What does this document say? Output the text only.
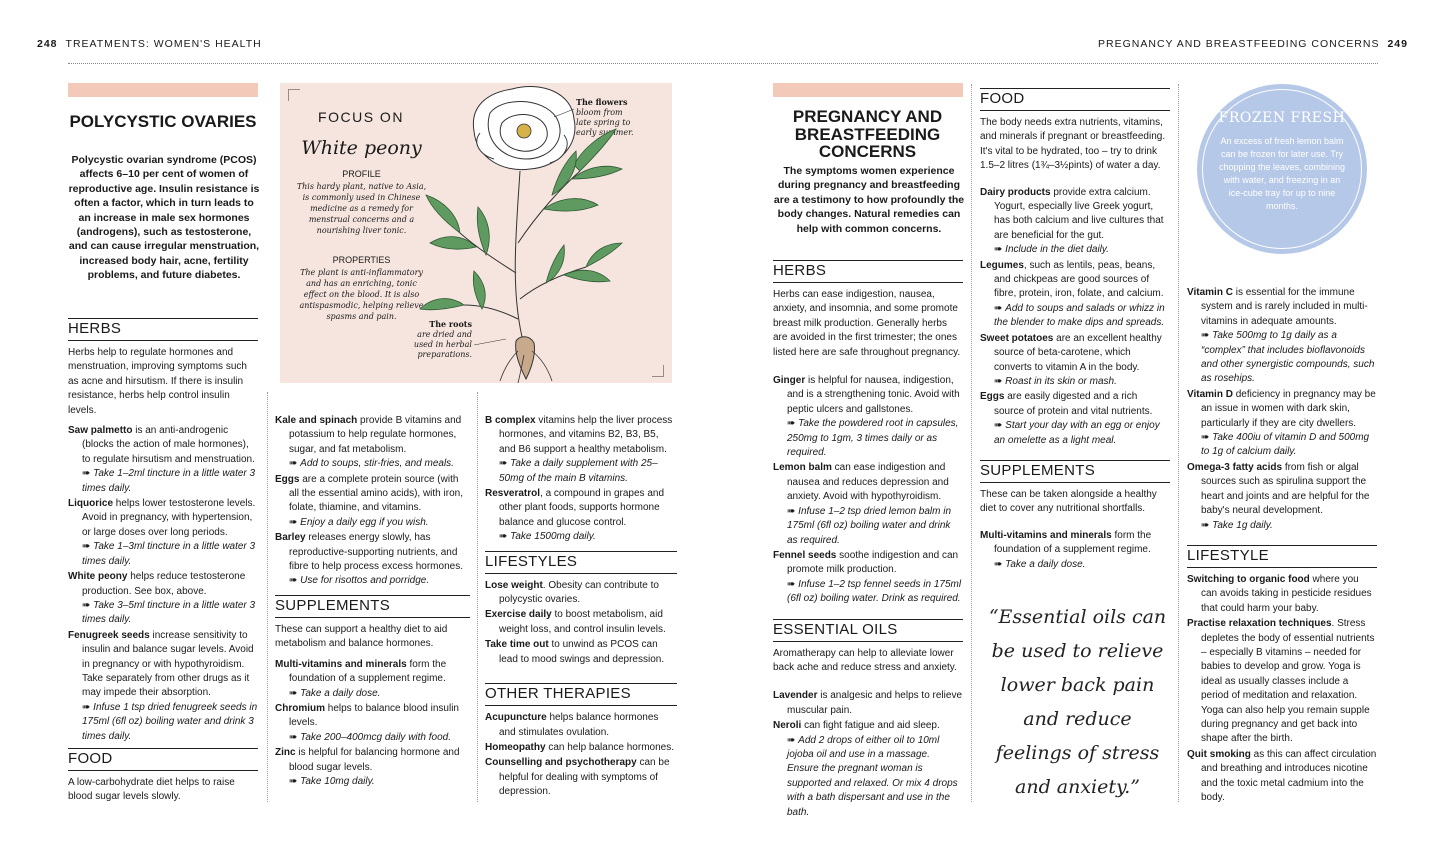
248 TREATMENTS: WOMEN'S HEALTH	PREGNANCY AND BREASTFEEDING CONCERNS 249
POLYCYSTIC OVARIES
Polycystic ovarian syndrome (PCOS) affects 6–10 per cent of women of reproductive age. Insulin resistance is often a factor, which in turn leads to an increase in male sex hormones (androgens), such as testosterone, and can cause irregular menstruation, increased body hair, acne, fertility problems, and future diabetes.
HERBS
Herbs help to regulate hormones and menstruation, improving symptoms such as acne and hirsutism. If there is insulin resistance, herbs help control insulin levels.
Saw palmetto is an anti-androgenic (blocks the action of male hormones), to regulate hirsutism and menstruation.
➠ Take 1–2ml tincture in a little water 3 times daily.
Liquorice helps lower testosterone levels. Avoid in pregnancy, with hypertension, or large doses over long periods.
➠ Take 1–3ml tincture in a little water 3 times daily.
White peony helps reduce testosterone production. See box, above.
➠ Take 3–5ml tincture in a little water 3 times daily.
Fenugreek seeds increase sensitivity to insulin and balance sugar levels. Avoid in pregnancy or with hypothyroidism. Take separately from other drugs as it may impede their absorption.
➠ Infuse 1 tsp dried fenugreek seeds in 175ml (6fl oz) boiling water and drink 3 times daily.
FOOD
A low-carbohydrate diet helps to raise blood sugar levels slowly.
FOCUS ON
White peony
PROFILE
This hardy plant, native to Asia, is commonly used in Chinese medicine as a remedy for menstrual concerns and a nourishing liver tonic.
PROPERTIES
The plant is anti-inflammatory and has an enriching, tonic effect on the blood. It is also antispasmodic, helping relieve spasms and pain.
The flowers
bloom from late spring to early summer.
The roots
are dried and used in herbal preparations.
Kale and spinach provide B vitamins and potassium to help regulate hormones, sugar, and fat metabolism.
➠ Add to soups, stir-fries, and meals.
Eggs are a complete protein source (with all the essential amino acids), with iron, folate, thiamine, and vitamins.
➠ Enjoy a daily egg if you wish.
Barley releases energy slowly, has reproductive-supporting nutrients, and fibre to help process excess hormones.
➠ Use for risottos and porridge.
SUPPLEMENTS
These can support a healthy diet to aid metabolism and balance hormones.
Multi-vitamins and minerals form the foundation of a supplement regime.
➠ Take a daily dose.
Chromium helps to balance blood insulin levels.
➠ Take 200–400mcg daily with food.
Zinc is helpful for balancing hormone and blood sugar levels.
➠ Take 10mg daily.
B complex vitamins help the liver process hormones, and vitamins B2, B3, B5, and B6 support a healthy metabolism.
➠ Take a daily supplement with 25–50mg of the main B vitamins.
Resveratrol, a compound in grapes and other plant foods, supports hormone balance and glucose control.
➠ Take 1500mg daily.
LIFESTYLES
Lose weight. Obesity can contribute to polycystic ovaries.
Exercise daily to boost metabolism, aid weight loss, and control insulin levels.
Take time out to unwind as PCOS can lead to mood swings and depression.
OTHER THERAPIES
Acupuncture helps balance hormones and stimulates ovulation.
Homeopathy can help balance hormones.
Counselling and psychotherapy can be helpful for dealing with symptoms of depression.
PREGNANCY AND BREASTFEEDING CONCERNS
The symptoms women experience during pregnancy and breastfeeding are a testimony to how profoundly the body changes. Natural remedies can help with common concerns.
HERBS
Herbs can ease indigestion, nausea, anxiety, and insomnia, and some promote breast milk production. Generally herbs are avoided in the first trimester; the ones listed here are safe throughout pregnancy.
Ginger is helpful for nausea, indigestion, and is a strengthening tonic. Avoid with peptic ulcers and gallstones.
➠ Take the powdered root in capsules, 250mg to 1gm, 3 times daily or as required.
Lemon balm can ease indigestion and nausea and reduces depression and anxiety. Avoid with hypothyroidism.
➠ Infuse 1–2 tsp dried lemon balm in 175ml (6fl oz) boiling water and drink as required.
Fennel seeds soothe indigestion and can promote milk production.
➠ Infuse 1–2 tsp fennel seeds in 175ml (6fl oz) boiling water. Drink as required.
ESSENTIAL OILS
Aromatherapy can help to alleviate lower back ache and reduce stress and anxiety.
Lavender is analgesic and helps to relieve muscular pain.
Neroli can fight fatigue and aid sleep.
➠ Add 2 drops of either oil to 10ml jojoba oil and use in a massage. Ensure the pregnant woman is supported and relaxed. Or mix 4 drops with a bath dispersant and use in the bath.
FOOD
The body needs extra nutrients, vitamins, and minerals if pregnant or breastfeeding. It's vital to be hydrated, too – try to drink 1.5–2 litres (1¾–3½pints) of water a day.
Dairy products provide extra calcium. Yogurt, especially live Greek yogurt, has both calcium and live cultures that are beneficial for the gut.
➠ Include in the diet daily.
Legumes, such as lentils, peas, beans, and chickpeas are good sources of fibre, protein, iron, folate, and calcium.
➠ Add to soups and salads or whizz in the blender to make dips and spreads.
Sweet potatoes are an excellent healthy source of beta-carotene, which converts to vitamin A in the body.
➠ Roast in its skin or mash.
Eggs are easily digested and a rich source of protein and vital nutrients.
➠ Start your day with an egg or enjoy an omelette as a light meal.
SUPPLEMENTS
These can be taken alongside a healthy diet to cover any nutritional shortfalls.
Multi-vitamins and minerals form the foundation of a supplement regime.
➠ Take a daily dose.
“Essential oils can be used to relieve lower back pain and reduce feelings of stress and anxiety.”
FROZEN FRESH
An excess of fresh lemon balm can be frozen for later use. Try chopping the leaves, combining with water, and freezing in an ice-cube tray for up to nine months.
Vitamin C is essential for the immune system and is rarely included in multi-vitamins in adequate amounts.
➠ Take 500mg to 1g daily as a “complex” that includes bioflavonoids and other synergistic compounds, such as rosehips.
Vitamin D deficiency in pregnancy may be an issue in women with dark skin, particularly if they are city dwellers.
➠ Take 400iu of vitamin D and 500mg to 1g of calcium daily.
Omega-3 fatty acids from fish or algal sources such as spirulina support the heart and joints and are helpful for the baby's neural development.
➠ Take 1g daily.
LIFESTYLE
Switching to organic food where you can avoids taking in pesticide residues that could harm your baby.
Practise relaxation techniques. Stress depletes the body of essential nutrients – especially B vitamins – needed for babies to develop and grow. Yoga is ideal as usually classes include a period of meditation and relaxation. Yoga can also help you remain supple during pregnancy and get back into shape after the birth.
Quit smoking as this can affect circulation and breathing and introduces nicotine and the toxic metal cadmium into the body.
